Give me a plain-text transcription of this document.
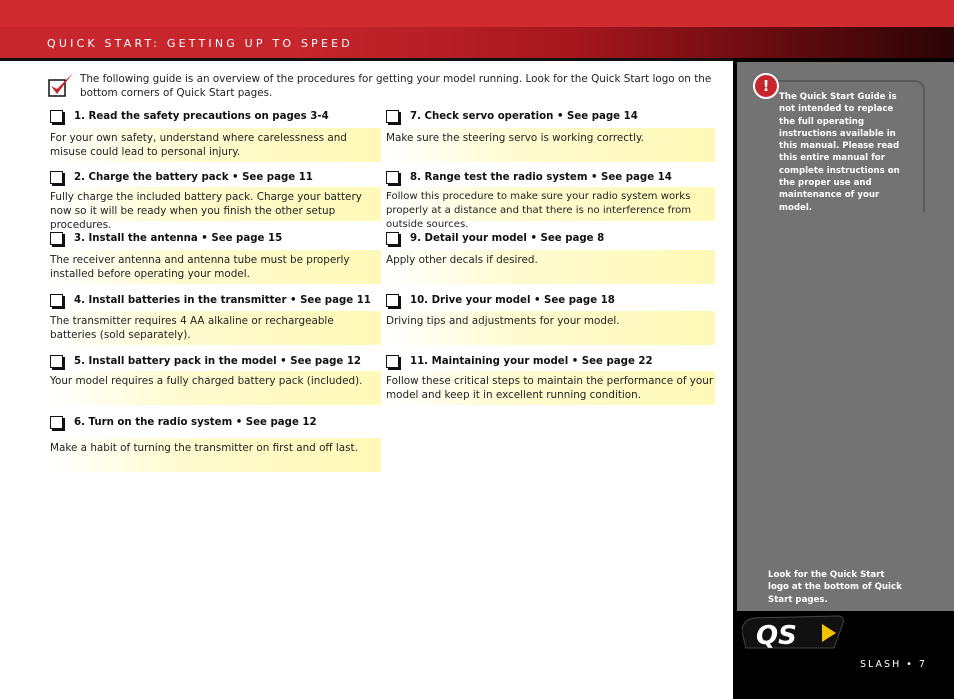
QUICK START: GETTING UP TO SPEED
The following guide is an overview of the procedures for getting your model running. Look for the Quick Start logo on the bottom corners of Quick Start pages.
1. Read the safety precautions on pages 3-4
For your own safety, understand where carelessness and misuse could lead to personal injury.
2. Charge the battery pack • See page 11
Fully charge the included battery pack. Charge your battery now so it will be ready when you finish the other setup procedures.
3. Install the antenna • See page 15
The receiver antenna and antenna tube must be properly installed before operating your model.
4. Install batteries in the transmitter • See page 11
The transmitter requires 4 AA alkaline or rechargeable batteries (sold separately).
5. Install battery pack in the model • See page 12
Your model requires a fully charged battery pack (included).
6. Turn on the radio system • See page 12
Make a habit of turning the transmitter on first and off last.
7. Check servo operation • See page 14
Make sure the steering servo is working correctly.
8. Range test the radio system • See page 14
Follow this procedure to make sure your radio system works properly at a distance and that there is no interference from outside sources.
9. Detail your model • See page 8
Apply other decals if desired.
10. Drive your model • See page 18
Driving tips and adjustments for your model.
11. Maintaining your model • See page 22
Follow these critical steps to maintain the performance of your model and keep it in excellent running condition.
!
The Quick Start Guide is not intended to replace the full operating instructions available in this manual. Please read this entire manual for complete instructions on the proper use and maintenance of your model.
Look for the Quick Start logo at the bottom of Quick Start pages.
QS
SLASH • 7
